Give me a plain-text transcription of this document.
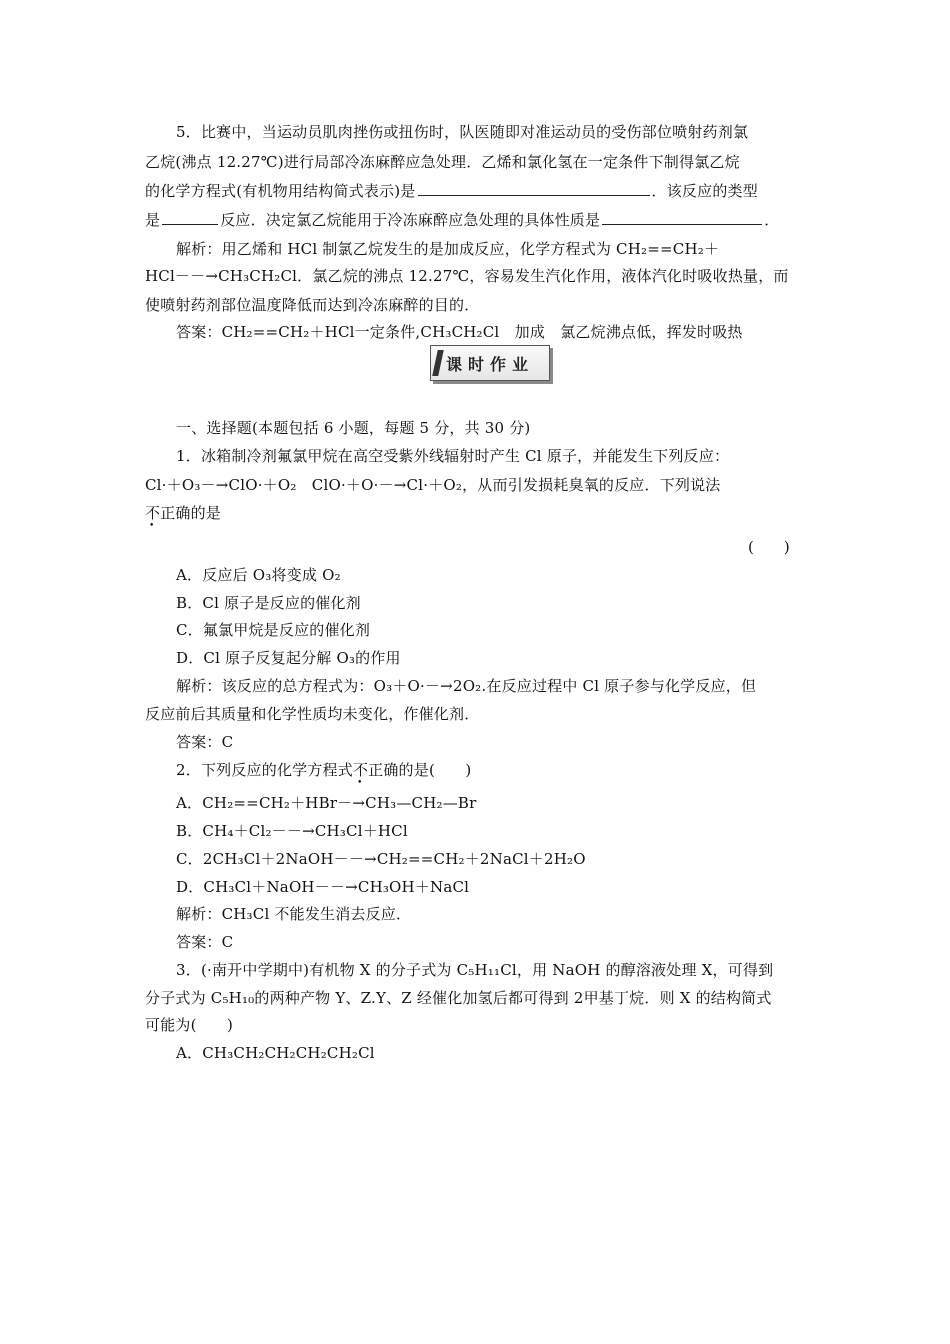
5．比赛中，当运动员肌肉挫伤或扭伤时，队医随即对准运动员的受伤部位喷射药剂氯
乙烷(沸点 12.27℃)进行局部冷冻麻醉应急处理．乙烯和氯化氢在一定条件下制得氯乙烷
的化学方程式(有机物用结构简式表示)是	．该反应的类型
是	反应．决定氯乙烷能用于冷冻麻醉应急处理的具体性质是	．
解析：用乙烯和 HCl 制氯乙烷发生的是加成反应，化学方程式为 CH₂==CH₂＋
HCl－－→CH₃CH₂Cl．氯乙烷的沸点 12.27℃，容易发生汽化作用，液体汽化时吸收热量，而
使喷射药剂部位温度降低而达到冷冻麻醉的目的．
答案：CH₂==CH₂＋HCl一定条件,CH₃CH₂Cl　加成　氯乙烷沸点低，挥发时吸热
课时作业
一、选择题(本题包括 6 小题，每题 5 分，共 30 分)
1．冰箱制冷剂氟氯甲烷在高空受紫外线辐射时产生 Cl 原子，并能发生下列反应：
Cl·＋O₃－→ClO·＋O₂　ClO·＋O·－→Cl·＋O₂，从而引发损耗臭氧的反应．下列说法
不正确的是
(　　)
A．反应后 O₃将变成 O₂
B．Cl 原子是反应的催化剂
C．氟氯甲烷是反应的催化剂
D．Cl 原子反复起分解 O₃的作用
解析：该反应的总方程式为：O₃＋O·－→2O₂.在反应过程中 Cl 原子参与化学反应，但
反应前后其质量和化学性质均未变化，作催化剂．
答案：C
2．下列反应的化学方程式不正确的是(　　)
A．CH₂==CH₂＋HBr－→CH₃—CH₂—Br
B．CH₄＋Cl₂－－→CH₃Cl＋HCl
C．2CH₃Cl＋2NaOH－－→CH₂==CH₂＋2NaCl＋2H₂O
D．CH₃Cl＋NaOH－－→CH₃OH＋NaCl
解析：CH₃Cl 不能发生消去反应．
答案：C
3．(·南开中学期中)有机物 X 的分子式为 C₅H₁₁Cl，用 NaOH 的醇溶液处理 X，可得到
分子式为 C₅H₁₀的两种产物 Y、Z.Y、Z 经催化加氢后都可得到 2甲基丁烷．则 X 的结构简式
可能为(　　)
A．CH₃CH₂CH₂CH₂CH₂Cl
